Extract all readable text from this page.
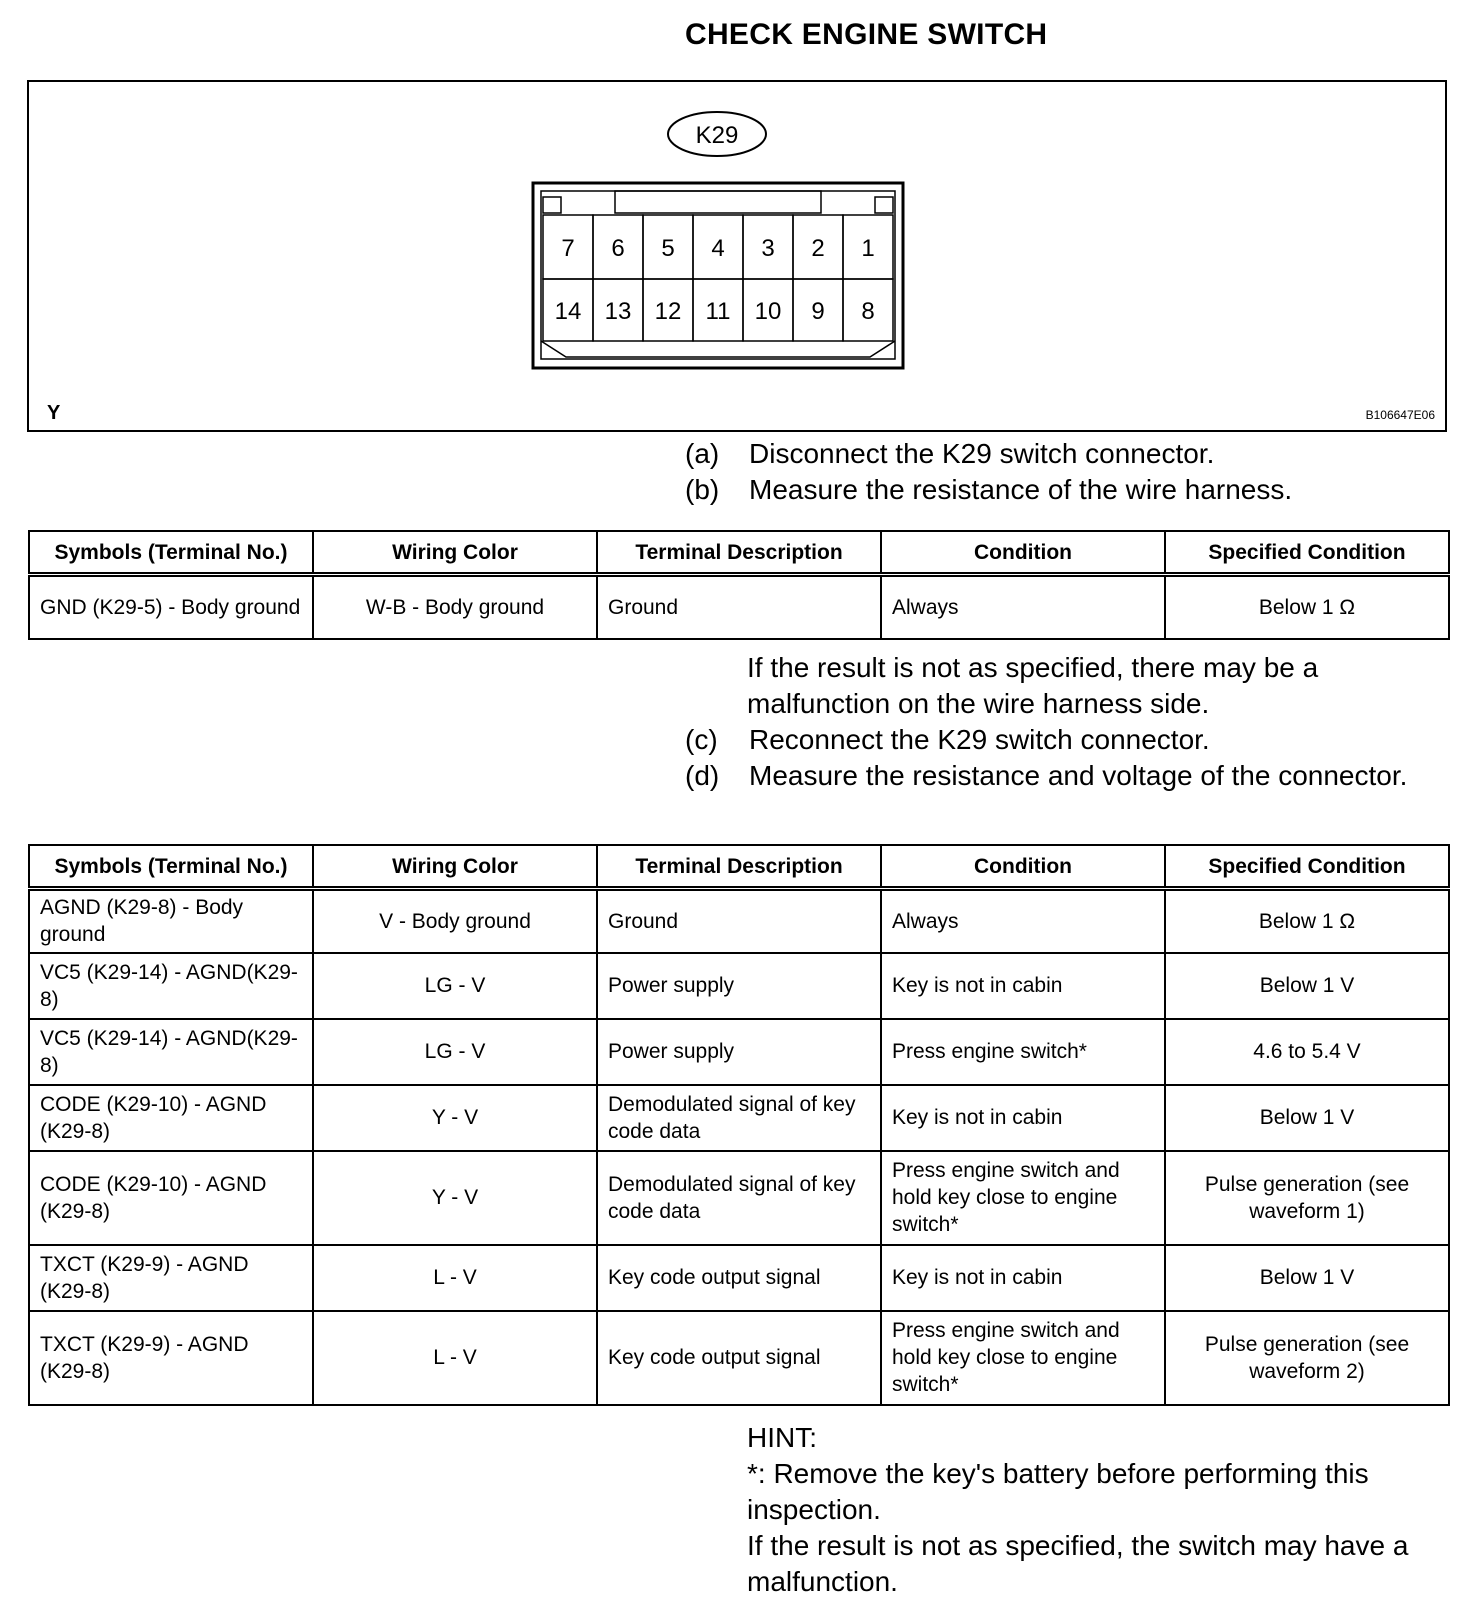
CHECK ENGINE SWITCH
K29
7 6 5 4 3 2 1
14 13 12 11 10 9 8
Y	B106647E06
(a) Disconnect the K29 switch connector.
(b) Measure the resistance of the wire harness.
Symbols (Terminal No.)	Wiring Color	Terminal Description	Condition	Specified Condition
GND (K29-5) - Body ground	W-B - Body ground	Ground	Always	Below 1 Ω
If the result is not as specified, there may be a malfunction on the wire harness side.
(c) Reconnect the K29 switch connector.
(d) Measure the resistance and voltage of the connector.
Symbols (Terminal No.)	Wiring Color	Terminal Description	Condition	Specified Condition
AGND (K29-8) - Body ground	V - Body ground	Ground	Always	Below 1 Ω
VC5 (K29-14) - AGND(K29-8)	LG - V	Power supply	Key is not in cabin	Below 1 V
VC5 (K29-14) - AGND(K29-8)	LG - V	Power supply	Press engine switch*	4.6 to 5.4 V
CODE (K29-10) - AGND (K29-8)	Y - V	Demodulated signal of key code data	Key is not in cabin	Below 1 V
CODE (K29-10) - AGND (K29-8)	Y - V	Demodulated signal of key code data	Press engine switch and hold key close to engine switch*	Pulse generation (see waveform 1)
TXCT (K29-9) - AGND (K29-8)	L - V	Key code output signal	Key is not in cabin	Below 1 V
TXCT (K29-9) - AGND (K29-8)	L - V	Key code output signal	Press engine switch and hold key close to engine switch*	Pulse generation (see waveform 2)
HINT:
*: Remove the key's battery before performing this inspection.
If the result is not as specified, the switch may have a malfunction.
